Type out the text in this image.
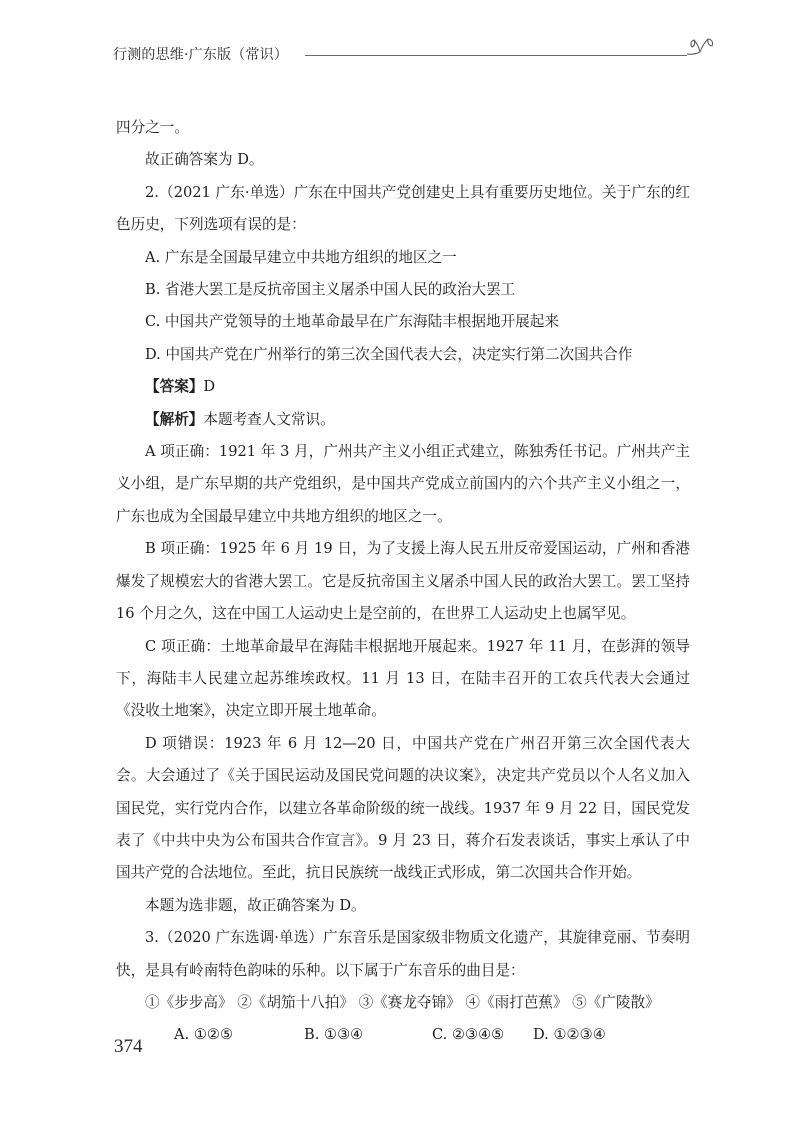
行测的思维·广东版（常识）

四分之一。

故正确答案为 D。

2.（2021 广东·单选）广东在中国共产党创建史上具有重要历史地位。关于广东的红色历史，下列选项有误的是：

A. 广东是全国最早建立中共地方组织的地区之一

B. 省港大罢工是反抗帝国主义屠杀中国人民的政治大罢工

C. 中国共产党领导的土地革命最早在广东海陆丰根据地开展起来

D. 中国共产党在广州举行的第三次全国代表大会，决定实行第二次国共合作

【答案】D

【解析】本题考查人文常识。

A 项正确：1921 年 3 月，广州共产主义小组正式建立，陈独秀任书记。广州共产主义小组，是广东早期的共产党组织，是中国共产党成立前国内的六个共产主义小组之一，广东也成为全国最早建立中共地方组织的地区之一。

B 项正确：1925 年 6 月 19 日，为了支援上海人民五卅反帝爱国运动，广州和香港爆发了规模宏大的省港大罢工。它是反抗帝国主义屠杀中国人民的政治大罢工。罢工坚持 16 个月之久，这在中国工人运动史上是空前的，在世界工人运动史上也属罕见。

C 项正确：土地革命最早在海陆丰根据地开展起来。1927 年 11 月，在彭湃的领导下，海陆丰人民建立起苏维埃政权。11 月 13 日，在陆丰召开的工农兵代表大会通过《没收土地案》，决定立即开展土地革命。

D 项错误：1923 年 6 月 12—20 日，中国共产党在广州召开第三次全国代表大会。大会通过了《关于国民运动及国民党问题的决议案》，决定共产党员以个人名义加入国民党，实行党内合作，以建立各革命阶级的统一战线。1937 年 9 月 22 日，国民党发表了《中共中央为公布国共合作宣言》。9 月 23 日，蒋介石发表谈话，事实上承认了中国共产党的合法地位。至此，抗日民族统一战线正式形成，第二次国共合作开始。

本题为选非题，故正确答案为 D。

3.（2020 广东选调·单选）广东音乐是国家级非物质文化遗产，其旋律竞丽、节奏明快，是具有岭南特色韵味的乐种。以下属于广东音乐的曲目是：

①《步步高》 ②《胡笳十八拍》 ③《赛龙夺锦》 ④《雨打芭蕉》 ⑤《广陵散》

A. ①②⑤	B. ①③④	C. ②③④⑤ D. ①②③④

374
